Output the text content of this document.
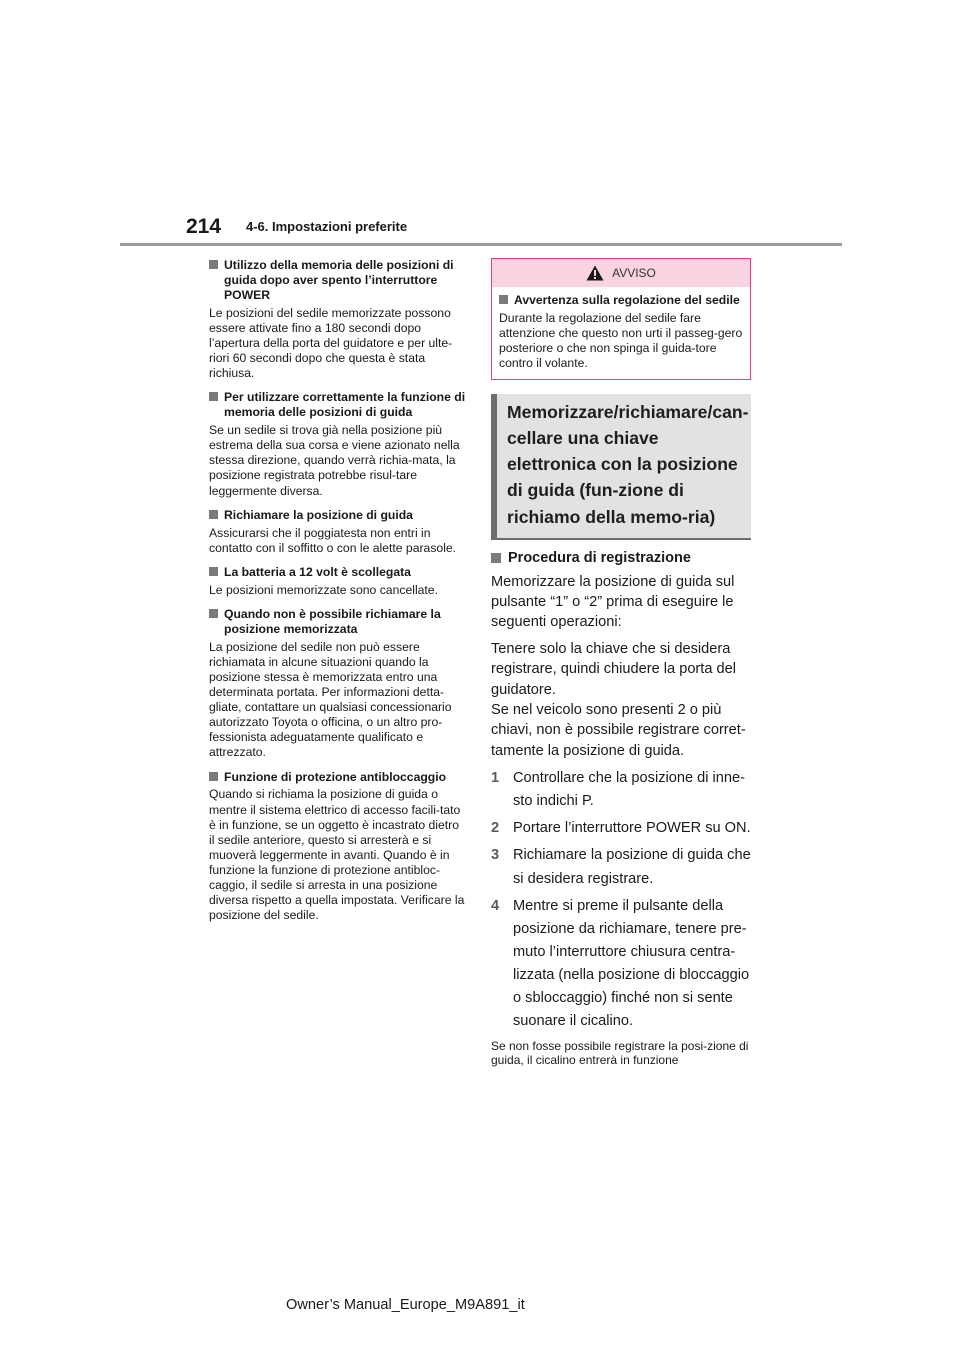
214 4-6. Impostazioni preferite
Utilizzo della memoria delle posizioni di guida dopo aver spento l’interruttore POWER
Le posizioni del sedile memorizzate possono essere attivate fino a 180 secondi dopo l’apertura della porta del guidatore e per ulte-riori 60 secondi dopo che questa è stata richiusa.
Per utilizzare correttamente la funzione di memoria delle posizioni di guida
Se un sedile si trova già nella posizione più estrema della sua corsa e viene azionato nella stessa direzione, quando verrà richia-mata, la posizione registrata potrebbe risul-tare leggermente diversa.
Richiamare la posizione di guida
Assicurarsi che il poggiatesta non entri in contatto con il soffitto o con le alette parasole.
La batteria a 12 volt è scollegata
Le posizioni memorizzate sono cancellate.
Quando non è possibile richiamare la posizione memorizzata
La posizione del sedile non può essere richiamata in alcune situazioni quando la posizione stessa è memorizzata entro una determinata portata. Per informazioni detta-gliate, contattare un qualsiasi concessionario autorizzato Toyota o officina, o un altro pro-fessionista adeguatamente qualificato e attrezzato.
Funzione di protezione antibloccaggio
Quando si richiama la posizione di guida o mentre il sistema elettrico di accesso facili-tato è in funzione, se un oggetto è incastrato dietro il sedile anteriore, questo si arresterà e si muoverà leggermente in avanti. Quando è in funzione la funzione di protezione antibloc-caggio, il sedile si arresta in una posizione diversa rispetto a quella impostata. Verificare la posizione del sedile.
AVVISO
Avvertenza sulla regolazione del sedile
Durante la regolazione del sedile fare attenzione che questo non urti il passeg-gero posteriore o che non spinga il guida-tore contro il volante.
Memorizzare/richiamare/can-cellare una chiave elettronica con la posizione di guida (fun-zione di richiamo della memo-ria)
Procedura di registrazione
Memorizzare la posizione di guida sul pulsante “1” o “2” prima di eseguire le seguenti operazioni:
Tenere solo la chiave che si desidera registrare, quindi chiudere la porta del guidatore.
Se nel veicolo sono presenti 2 o più chiavi, non è possibile registrare corret-tamente la posizione di guida.
1 Controllare che la posizione di inne-sto indichi P.
2 Portare l’interruttore POWER su ON.
3 Richiamare la posizione di guida che si desidera registrare.
4 Mentre si preme il pulsante della posizione da richiamare, tenere pre-muto l’interruttore chiusura centra-lizzata (nella posizione di bloccaggio o sbloccaggio) finché non si sente suonare il cicalino.
Se non fosse possibile registrare la posi-zione di guida, il cicalino entrerà in funzione
Owner’s Manual_Europe_M9A891_it
